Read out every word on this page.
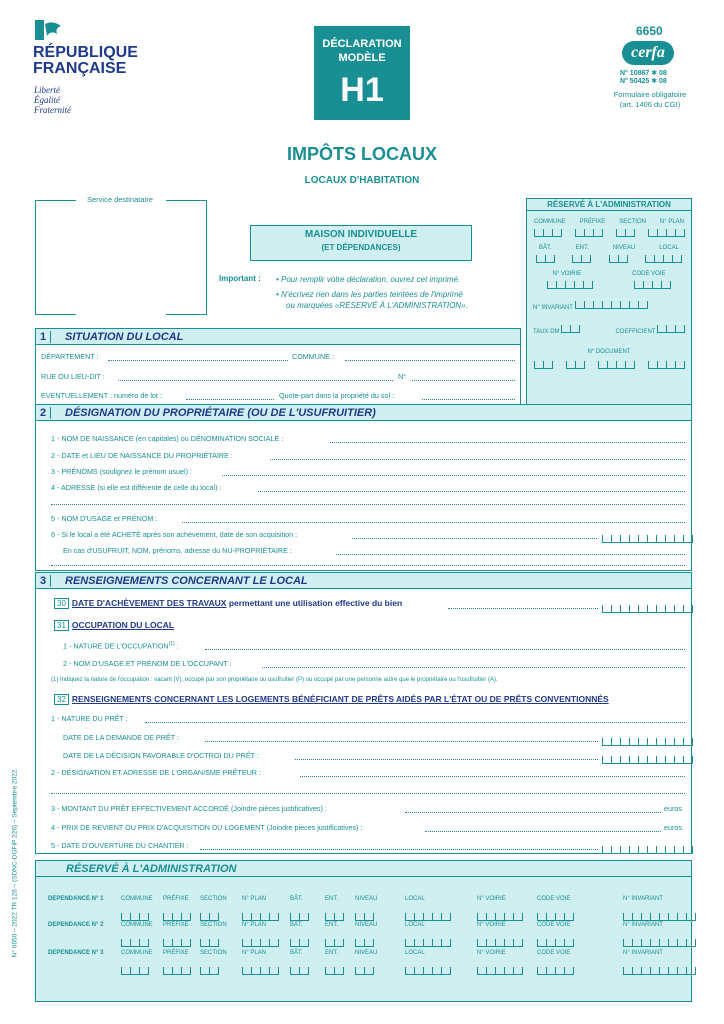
RÉPUBLIQUE
FRANÇAISE
Liberté
Égalité
Fraternité
DÉCLARATION
MODÈLE
H1
6650
cerfa
N° 10867 ✱ 08
N° 50425 ✱ 08
Formulaire obligatoire
(art. 1406 du CGI)
IMPÔTS LOCAUX
LOCAUX D'HABITATION
Service destinataire
MAISON INDIVIDUELLE
(ET DÉPENDANCES)
Important : • Pour remplir votre déclaration, ouvrez cet imprimé.
• N'écrivez rien dans les parties teintées de l'imprimé
ou marquées «RÉSERVÉ À L'ADMINISTRATION».
RÉSERVÉ À L'ADMINISTRATION
COMMUNE PRÉFIXE SECTION N° PLAN
BÂT.	ENT.	NIVEAU	LOCAL
N° VOIRIE	CODE VOIE
N° INVARIANT
TAUX DM	COEFFICIENT
N° DOCUMENT
1	SITUATION DU LOCAL
DÉPARTEMENT :	COMMUNE :
RUE OU LIEU-DIT :	N°
EVENTUELLEMENT : numéro de lot :	Quote-part dans la propriété du sol :
2	DÉSIGNATION DU PROPRIÉTAIRE (OU DE L'USUFRUITIER)
1 - NOM DE NAISSANCE (en capitales) ou DÉNOMINATION SOCIALE :
2 - DATE et LIEU DE NAISSANCE DU PROPRIÉTAIRE :
3 - PRÉNOMS (soulignez le prénom usuel) :
4 - ADRESSE (si elle est différente de celle du local) :
5 - NOM D'USAGE et PRÉNOM :
6 - Si le local a été ACHETÉ après son achèvement, date de son acquisition :
En cas d'USUFRUIT, NOM, prénoms, adresse du NU-PROPRIÉTAIRE :
3	RENSEIGNEMENTS CONCERNANT LE LOCAL
30 DATE D'ACHÈVEMENT DES TRAVAUX permettant une utilisation effective du bien
31 OCCUPATION DU LOCAL
1 - NATURE DE L'OCCUPATION$^{(1)}$ :
2 - NOM D'USAGE ET PRÉNOM DE L'OCCUPANT :
(1) Indiquez la nature de l'occupation : vacant (V), occupé par son propriétaire ou usufruitier (P) ou occupé par une personne autre que le propriétaire ou l'usufruitier (A).
32 RENSEIGNEMENTS CONCERNANT LES LOGEMENTS BÉNÉFICIANT DE PRÊTS AIDÉS PAR L'ÉTAT OU DE PRÊTS CONVENTIONNÉS
1 - NATURE DU PRÊT :
DATE DE LA DEMANDE DE PRÊT :
DATE DE LA DÉCISION FAVORABLE D'OCTROI DU PRÊT :
2 - DÉSIGNATION ET ADRESSE DE L'ORGANISME PRÊTEUR :
3 - MONTANT DU PRÊT EFFECTIVEMENT ACCORDÉ (Joindre pièces justificatives) :	euros
4 - PRIX DE REVIENT OU PRIX D'ACQUISITION DU LOGEMENT (Joindre pièces justificatives) :	euros
5 - DATE D'OUVERTURE DU CHANTIER :
RÉSERVÉ À L'ADMINISTRATION
DEPENDANCE N° 1	COMMUNE PRÉFIXE SECTION	N° PLAN	BÂT.	ENT.	NIVEAU	LOCAL	N° VOIRIE	CODE VOIE	N° INVARIANT
DEPENDANCE N° 2	COMMUNE PRÉFIXE SECTION	N° PLAN	BÂT.	ENT.	NIVEAU	LOCAL	N° VOIRIE	CODE VOIE	N° INVARIANT
DEPENDANCE N° 3	COMMUNE PRÉFIXE SECTION	N° PLAN	BÂT.	ENT.	NIVEAU	LOCAL	N° VOIRIE	CODE VOIE	N° INVARIANT
N° 6650 – 2022 TR 126 – (SDNC-DGFiP 226) – Septembre 2022
